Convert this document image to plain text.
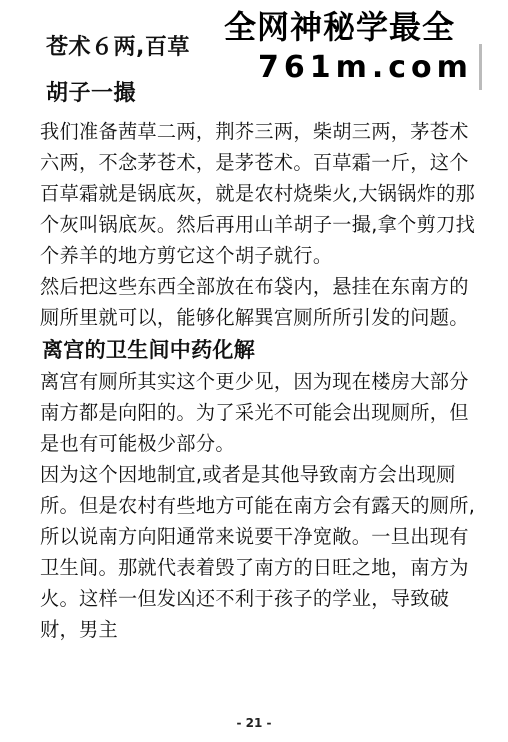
苍术６两,百草
胡子一撮
全网神秘学最全
761m.com

我们准备茜草二两，荆芥三两，柴胡三两，茅苍术六两，不念茅苍术，是茅苍术。百草霜一斤，这个百草霜就是锅底灰，就是农村烧柴火,大锅锅炸的那个灰叫锅底灰。然后再用山羊胡子一撮,拿个剪刀找个养羊的地方剪它这个胡子就行。

然后把这些东西全部放在布袋内，悬挂在东南方的厕所里就可以，能够化解巽宫厕所所引发的问题。

离宫的卫生间中药化解

离宫有厕所其实这个更少见，因为现在楼房大部分南方都是向阳的。为了采光不可能会出现厕所，但是也有可能极少部分。

因为这个因地制宜,或者是其他导致南方会出现厕所。但是农村有些地方可能在南方会有露天的厕所,所以说南方向阳通常来说要干净宽敞。一旦出现有卫生间。那就代表着毁了南方的日旺之地，南方为火。这样一但发凶还不利于孩子的学业，导致破财，男主

- 21 -
